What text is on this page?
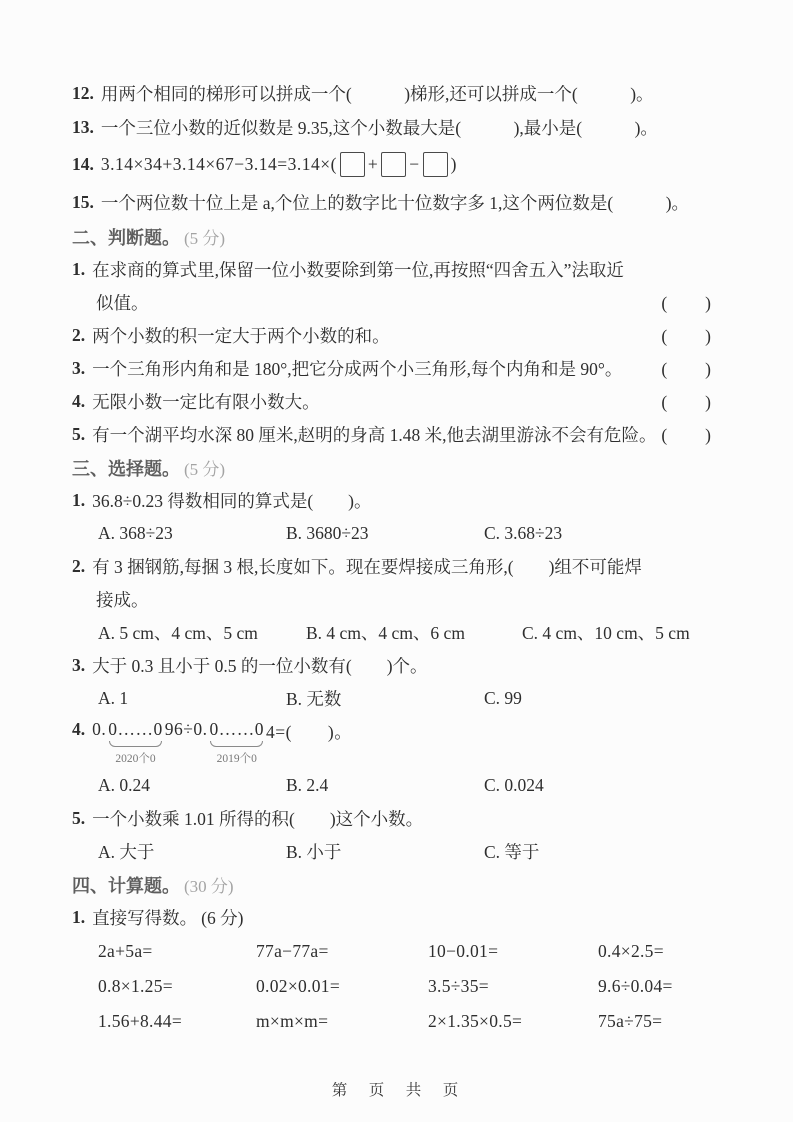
12. 用两个相同的梯形可以拼成一个(　　　)梯形,还可以拼成一个(　　　)。
13. 一个三位小数的近似数是 9.35,这个小数最大是(　　　),最小是(　　　)。
14. 3.14×34+3.14×67−3.14=3.14×( + − )
15. 一个两位数十位上是 a,个位上的数字比十位数字多 1,这个两位数是(　　　)。
二、判断题。 (5 分)
1. 在求商的算式里,保留一位小数要除到第一位,再按照“四舍五入”法取近
似值。	(　　)
2. 两个小数的积一定大于两个小数的和。	(　　)
3. 一个三角形内角和是 180°,把它分成两个小三角形,每个内角和是 90°。 (　　)
4. 无限小数一定比有限小数大。	(　　)
5. 有一个湖平均水深 80 厘米,赵明的身高 1.48 米,他去湖里游泳不会有危险。 (　　)
三、选择题。 (5 分)
1. 36.8÷0.23 得数相同的算式是(　　)。
A. 368÷23	B. 3680÷23	C. 3.68÷23
2. 有 3 捆钢筋,每捆 3 根,长度如下。现在要焊接成三角形,(　　)组不可能焊
接成。
A. 5 cm、4 cm、5 cm	B. 4 cm、4 cm、6 cm	C. 4 cm、10 cm、5 cm
3. 大于 0.3 且小于 0.5 的一位小数有(　　)个。
A. 1	B. 无数	C. 99
4. 0. 0……0
2020个0
96÷0. 0……0
2019个0
4=(　　)。
A. 0.24	B. 2.4	C. 0.024
5. 一个小数乘 1.01 所得的积(　　)这个小数。
A. 大于	B. 小于	C. 等于
四、计算题。 (30 分)
1. 直接写得数。 (6 分)
2a+5a=	77a−77a=	10−0.01=	0.4×2.5=
0.8×1.25=	0.02×0.01=	3.5÷35=	9.6÷0.04=
1.56+8.44=	m×m×m=	2×1.35×0.5=	75a÷75=
第　页　共　页
